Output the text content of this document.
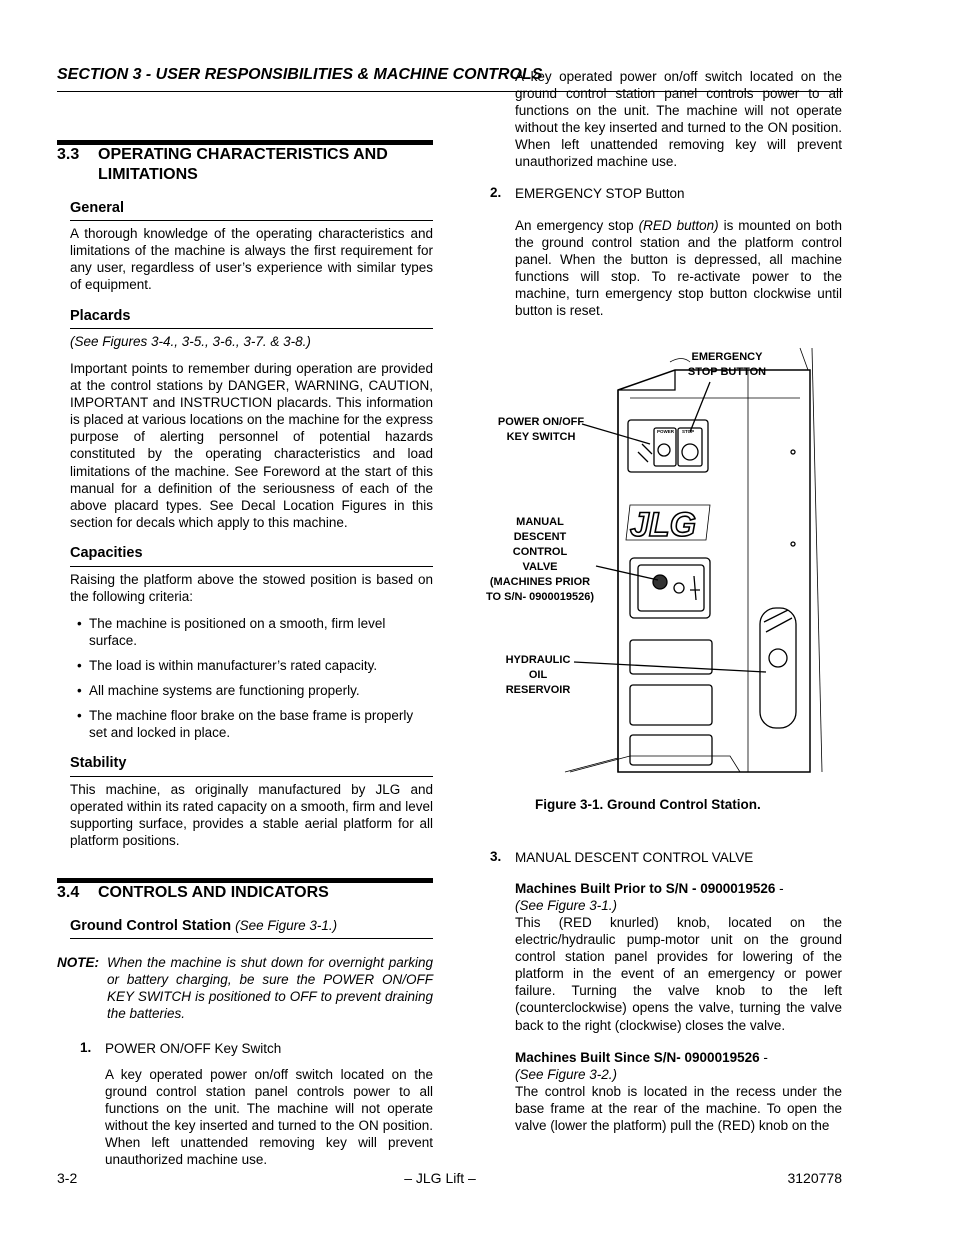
SECTION 3 - USER RESPONSIBILITIES & MACHINE CONTROLS
3.3 OPERATING CHARACTERISTICS AND
LIMITATIONS
General
A thorough knowledge of the operating characteristics and limitations of the machine is always the first requirement for any user, regardless of user’s experience with similar types of equipment.
Placards
(See Figures 3-4., 3-5., 3-6., 3-7. & 3-8.)
Important points to remember during operation are provided at the control stations by DANGER, WARNING, CAUTION, IMPORTANT and INSTRUCTION placards. This information is placed at various locations on the machine for the express purpose of alerting personnel of potential hazards constituted by the operating characteristics and load limitations of the machine. See Foreword at the start of this manual for a definition of the seriousness of each of the above placard types. See Decal Location Figures in this section for decals which apply to this machine.
Capacities
Raising the platform above the stowed position is based on the following criteria:
• The machine is positioned on a smooth, firm level surface.
• The load is within manufacturer’s rated capacity.
• All machine systems are functioning properly.
• The machine floor brake on the base frame is properly set and locked in place.
Stability
This machine, as originally manufactured by JLG and operated within its rated capacity on a smooth, firm and level supporting surface, provides a stable aerial platform for all platform positions.
3.4 CONTROLS AND INDICATORS
Ground Control Station (See Figure 3-1.)
NOTE: When the machine is shut down for overnight parking or battery charging, be sure the POWER ON/OFF KEY SWITCH is positioned to OFF to prevent draining the batteries.
1. POWER ON/OFF Key Switch
A key operated power on/off switch located on the ground control station panel controls power to all functions on the unit. The machine will not operate without the key inserted and turned to the ON position. When left unattended removing key will prevent unauthorized machine use.
A key operated power on/off switch located on the ground control station panel controls power to all functions on the unit. The machine will not operate without the key inserted and turned to the ON position. When left unattended removing key will prevent unauthorized machine use.
2. EMERGENCY STOP Button
An emergency stop (RED button) is mounted on both the ground control station and the platform control panel. When the button is depressed, all machine functions will stop. To re-activate power to the machine, turn emergency stop button clockwise until button is reset.
JLG
POWER STOP
EMERGENCY
STOP BUTTON
POWER ON/OFF
KEY SWITCH
MANUAL
DESCENT
CONTROL
VALVE
(MACHINES PRIOR
TO S/N- 0900019526)
HYDRAULIC
OIL
RESERVOIR
Figure 3-1. Ground Control Station.
3. MANUAL DESCENT CONTROL VALVE
Machines Built Prior to S/N - 0900019526 -
(See Figure 3-1.)
This (RED knurled) knob, located on the electric/hydraulic pump-motor unit on the ground control station panel provides for lowering of the platform in the event of an emergency or power failure. Turning the valve knob to the left (counterclockwise) opens the valve, turning the valve back to the right (clockwise) closes the valve.
Machines Built Since S/N- 0900019526 -
(See Figure 3-2.)
The control knob is located in the recess under the base frame at the rear of the machine. To open the valve (lower the platform) pull the (RED) knob on the
3-2	– JLG Lift –	3120778
